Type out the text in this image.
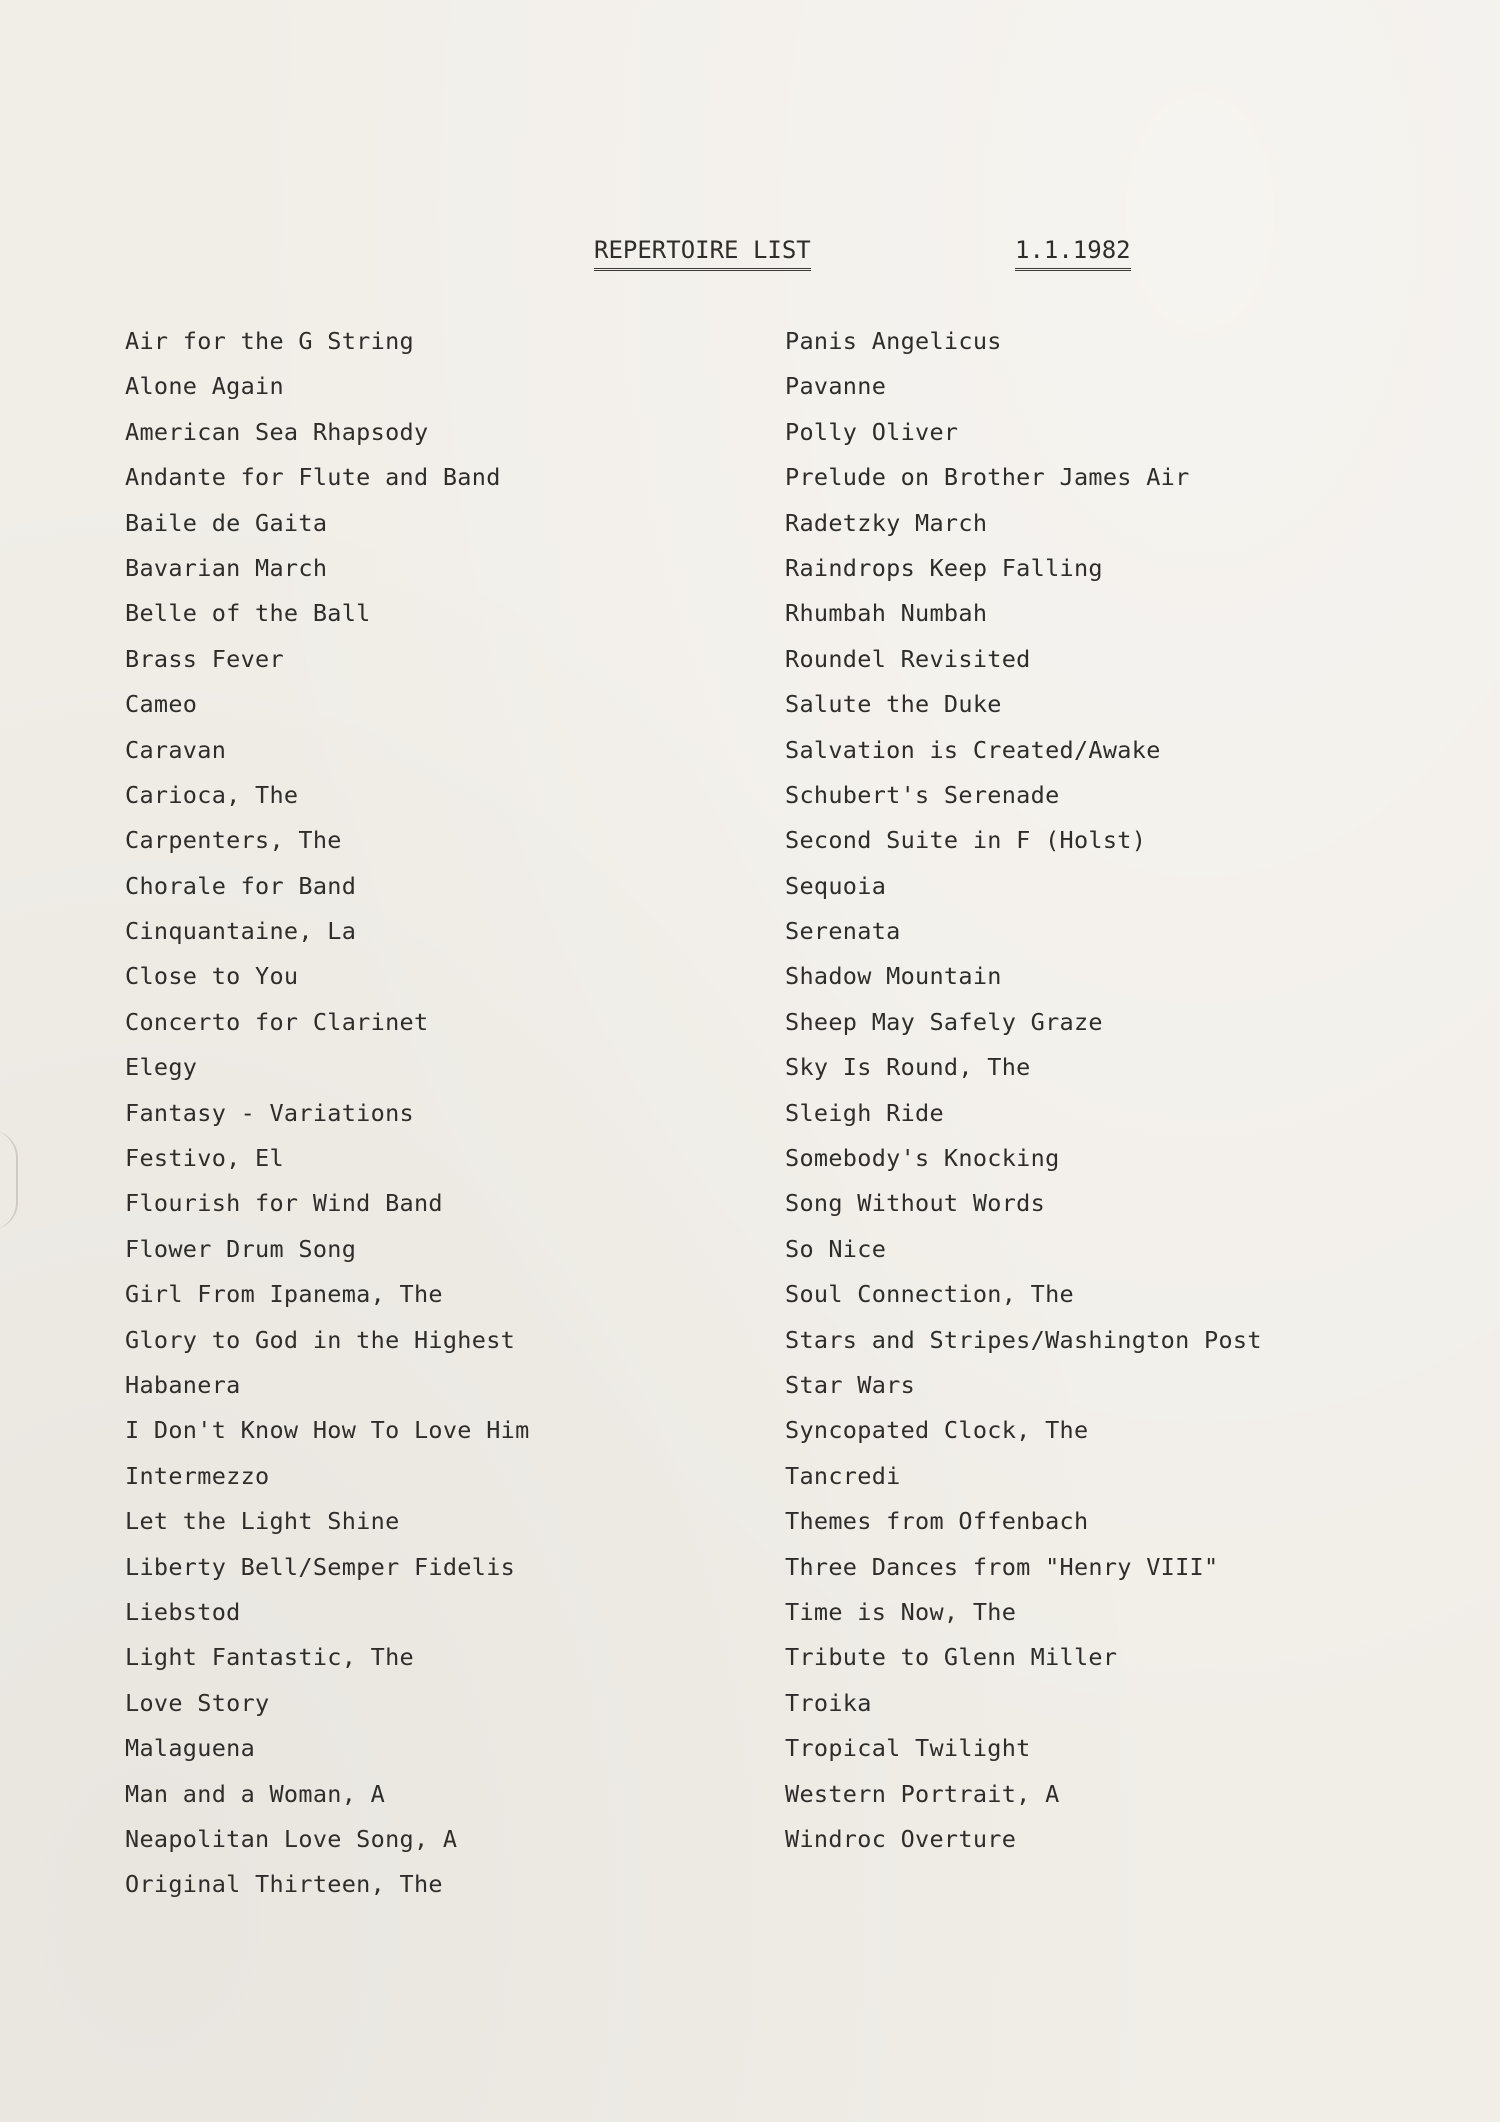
REPERTOIRE LIST	1.1.1982
Air for the G String
Alone Again
American Sea Rhapsody
Andante for Flute and Band
Baile de Gaita
Bavarian March
Belle of the Ball
Brass Fever
Cameo
Caravan
Carioca, The
Carpenters, The
Chorale for Band
Cinquantaine, La
Close to You
Concerto for Clarinet
Elegy
Fantasy - Variations
Festivo, El
Flourish for Wind Band
Flower Drum Song
Girl From Ipanema, The
Glory to God in the Highest
Habanera
I Don't Know How To Love Him
Intermezzo
Let the Light Shine
Liberty Bell/Semper Fidelis
Liebstod
Light Fantastic, The
Love Story
Malaguena
Man and a Woman, A
Neapolitan Love Song, A
Original Thirteen, The
Panis Angelicus
Pavanne
Polly Oliver
Prelude on Brother James Air
Radetzky March
Raindrops Keep Falling
Rhumbah Numbah
Roundel Revisited
Salute the Duke
Salvation is Created/Awake
Schubert's Serenade
Second Suite in F (Holst)
Sequoia
Serenata
Shadow Mountain
Sheep May Safely Graze
Sky Is Round, The
Sleigh Ride
Somebody's Knocking
Song Without Words
So Nice
Soul Connection, The
Stars and Stripes/Washington Post
Star Wars
Syncopated Clock, The
Tancredi
Themes from Offenbach
Three Dances from "Henry VIII"
Time is Now, The
Tribute to Glenn Miller
Troika
Tropical Twilight
Western Portrait, A
Windroc Overture
